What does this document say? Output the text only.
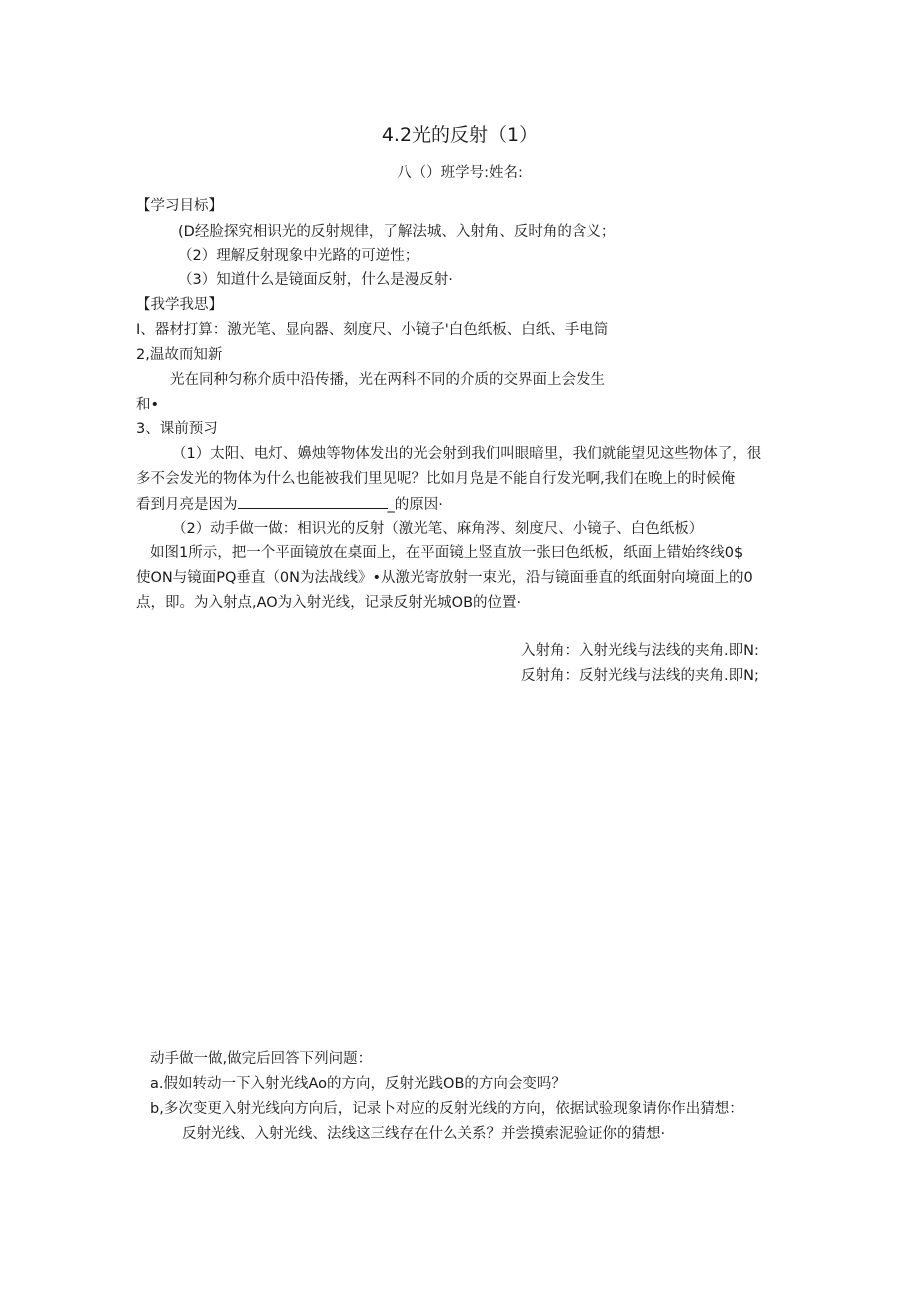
4.2光的反射（1）
八（）班学号:姓名:
【学习目标】
(D经脸探究相识光的反射规律，了解法城、入射角、反时角的含义；
（2）理解反射现象中光路的可逆性；
（3）知道什么是镜面反射，什么是漫反射·
【我学我思】
I、器材打算：激光笔、显向器、刻度尺、小镜子'白色纸板、白纸、手电筒
2,温故而知新
光在同种匀称介质中沿传播，光在两科不同的介质的交界面上会发生
和•
3、课前预习
（1）太阳、电灯、嬶烛等物体发出的光会射到我们叫眼暗里，我们就能望见这些物体了，很
多不会发光的物体为什么也能被我们里见呢？比如月凫是不能自行发光啊,我们在晚上的时候俺
看到月亮是因为	_的原因·
（2）动手做一做：相识光的反射（激光笔、麻角涔、刻度尺、小镜子、白色纸板）
如图1所示，把一个平面镜放在桌面上，在平面镜上竖直放一张曰色纸板，纸面上错始终线0$
使ON与镜面PQ垂直（0N为法战线》•从激光寄放射一束光，沿与镜面垂直的纸面射向境面上的0
点，即。为入射点,AO为入射光线，记录反射光城OB的位置·
入射角：入射光线与法线的夹角.即N:
反射角：反射光线与法线的夹角.即N;
动手做一做,做完后回答下列问题：
a.假如转动一下入射光线Ao的方向，反射光践OB的方向会变吗？
b,多次变更入射光线向方向后，记录卜对应的反射光线的方向，依据试验现象请你作出猜想：
反射光线、入射光线、法线这三线存在什么关系？并尝摸索泥验证你的猜想·
